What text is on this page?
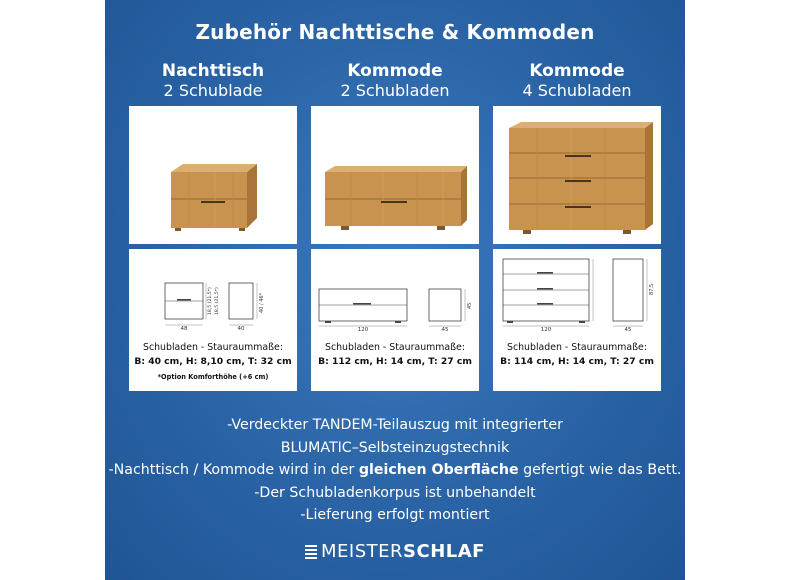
Zubehör Nachttische & Kommoden
Nachttisch
2 Schublade
Kommode
2 Schubladen
Kommode
4 Schubladen
48
18,5 (21,5*) 18,5 (21,5*)
40
40 / 46*
Schubladen - Stauraummaße:
B: 40 cm, H: 8,10 cm, T: 32 cm
*Option Komforthöhe (+6 cm)
120	45
45
Schubladen - Stauraummaße:
B: 112 cm, H: 14 cm, T: 27 cm
120	45
87,5
Schubladen - Stauraummaße:
B: 114 cm, H: 14 cm, T: 27 cm
-Verdeckter TANDEM-Teilauszug mit integrierter
BLUMATIC–Selbsteinzugstechnik
-Nachttisch / Kommode wird in der gleichen Oberfläche gefertigt wie das Bett.
-Der Schubladenkorpus ist unbehandelt
-Lieferung erfolgt montiert
MEISTERSCHLAF
